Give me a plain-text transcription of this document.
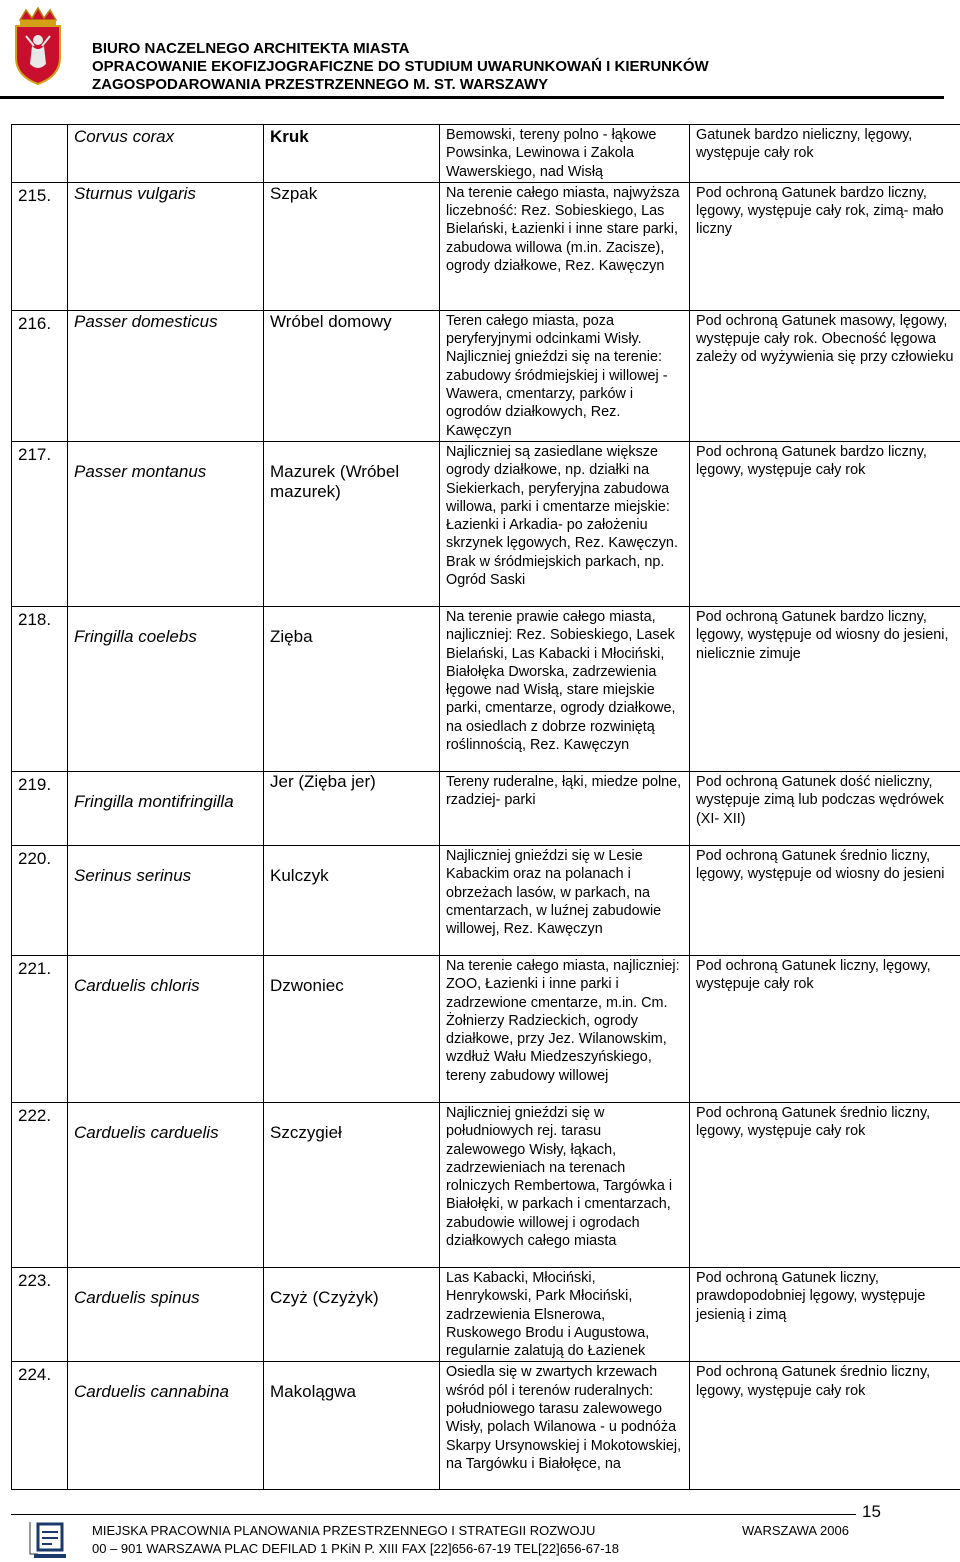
BIURO NACZELNEGO ARCHITEKTA MIASTA
OPRACOWANIE EKOFIZJOGRAFICZNE DO STUDIUM UWARUNKOWAŃ I KIERUNKÓW
ZAGOSPODAROWANIA PRZESTRZENNEGO M. ST. WARSZAWY
	Corvus corax	Kruk	Bemowski, tereny polno - łąkowe Powsinka, Lewinowa i Zakola Wawerskiego, nad Wisłą	Gatunek bardzo nieliczny, lęgowy, występuje cały rok

215.	Sturnus vulgaris	Szpak	Na terenie całego miasta, najwyższa liczebność: Rez. Sobieskiego, Las Bielański, Łazienki i inne stare parki, zabudowa willowa (m.in. Zacisze), ogrody działkowe, Rez. Kawęczyn	Pod ochroną Gatunek bardzo liczny, lęgowy, występuje cały rok, zimą- mało liczny

216.	Passer domesticus	Wróbel domowy	Teren całego miasta, poza peryferyjnymi odcinkami Wisły. Najliczniej gnieździ się na terenie: zabudowy śródmiejskiej i willowej - Wawera, cmentarzy, parków i ogrodów działkowych, Rez. Kawęczyn	Pod ochroną Gatunek masowy, lęgowy, występuje cały rok. Obecność lęgowa zależy od wyżywienia się przy człowieku

217.	Passer montanus	Mazurek (Wróbel mazurek)	Najliczniej są zasiedlane większe ogrody działkowe, np. działki na Siekierkach, peryferyjna zabudowa willowa, parki i cmentarze miejskie: Łazienki i Arkadia- po założeniu skrzynek lęgowych, Rez. Kawęczyn. Brak w śródmiejskich parkach, np. Ogród Saski	Pod ochroną Gatunek bardzo liczny, lęgowy, występuje cały rok

218.	Fringilla coelebs	Zięba	Na terenie prawie całego miasta, najliczniej: Rez. Sobieskiego, Lasek Bielański, Las Kabacki i Młociński, Białołęka Dworska, zadrzewienia łęgowe nad Wisłą, stare miejskie parki, cmentarze, ogrody działkowe, na osiedlach z dobrze rozwiniętą roślinnością, Rez. Kawęczyn	Pod ochroną Gatunek bardzo liczny, lęgowy, występuje od wiosny do jesieni, nielicznie zimuje

219.	Fringilla montifringilla	Jer (Zięba jer)	Tereny ruderalne, łąki, miedze polne, rzadziej- parki	Pod ochroną Gatunek dość nieliczny, występuje zimą lub podczas wędrówek (XI- XII)

220.	Serinus serinus	Kulczyk	Najliczniej gnieździ się w Lesie Kabackim oraz na polanach i obrzeżach lasów, w parkach, na cmentarzach, w luźnej zabudowie willowej, Rez. Kawęczyn	Pod ochroną Gatunek średnio liczny, lęgowy, występuje od wiosny do jesieni

221.	Carduelis chloris	Dzwoniec	Na terenie całego miasta, najliczniej: ZOO, Łazienki i inne parki i zadrzewione cmentarze, m.in. Cm. Żołnierzy Radzieckich, ogrody działkowe, przy Jez. Wilanowskim, wzdłuż Wału Miedzeszyńskiego, tereny zabudowy willowej	Pod ochroną Gatunek liczny, lęgowy, występuje cały rok

222.	Carduelis carduelis	Szczygieł	Najliczniej gnieździ się w południowych rej. tarasu zalewowego Wisły, łąkach, zadrzewieniach na terenach rolniczych Rembertowa, Targówka i Białołęki, w parkach i cmentarzach, zabudowie willowej i ogrodach działkowych całego miasta	Pod ochroną Gatunek średnio liczny, lęgowy, występuje cały rok

223.	Carduelis spinus	Czyż (Czyżyk)	Las Kabacki, Młociński, Henrykowski, Park Młociński, zadrzewienia Elsnerowa, Ruskowego Brodu i Augustowa, regularnie zalatują do Łazienek	Pod ochroną Gatunek liczny, prawdopodobniej lęgowy, występuje jesienią i zimą

224.	Carduelis cannabina	Makolągwa	Osiedla się w zwartych krzewach wśród pól i terenów ruderalnych: południowego tarasu zalewowego Wisły, polach Wilanowa - u podnóża Skarpy Ursynowskiej i Mokotowskiej, na Targówku i Białołęce, na	Pod ochroną Gatunek średnio liczny, lęgowy, występuje cały rok
15
MIEJSKA PRACOWNIA PLANOWANIA PRZESTRZENNEGO I STRATEGII ROZWOJU
00 – 901 WARSZAWA PLAC DEFILAD 1 PKiN P. XIII FAX [22]656-67-19 TEL[22]656-67-18
WARSZAWA 2006
